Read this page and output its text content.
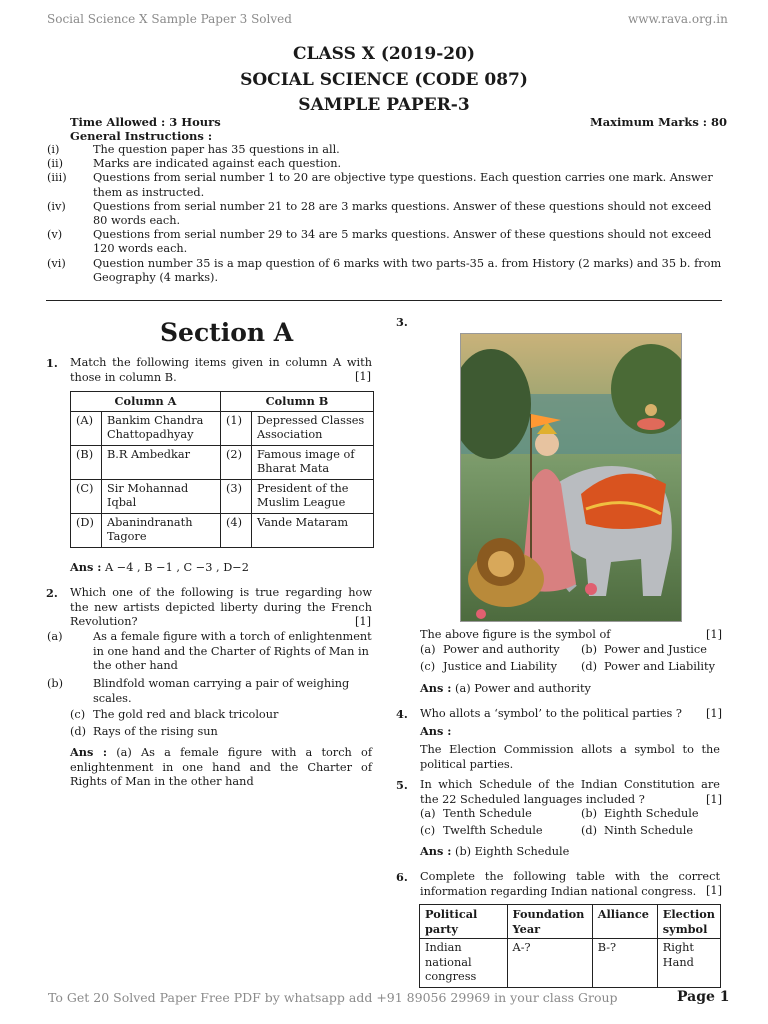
Social Science X Sample Paper 3 Solved	www.rava.org.in
CLASS X (2019-20)
SOCIAL SCIENCE (CODE 087)
SAMPLE PAPER-3
Time Allowed : 3 Hours	Maximum Marks : 80
General Instructions :
(i)	The question paper has 35 questions in all.
(ii)	Marks are indicated against each question.
(iii) Questions from serial number 1 to 20 are objective type questions. Each question carries one mark. Answer them as instructed.
(iv) Questions from serial number 21 to 28 are 3 marks questions. Answer of these questions should not exceed 80 words each.
(v)	Questions from serial number 29 to 34 are 5 marks questions. Answer of these questions should not exceed 120 words each.
(vi) Question number 35 is a map question of 6 marks with two parts-35 a. from History (2 marks) and 35 b. from Geography (4 marks).
Section A
1. Match the following items given in column A with those in column B.	[1]
Column A		Column B	
(A)	Bankim Chandra Chattopadhyay	(1)	Depressed Classes Association
(B)	B.R Ambedkar	(2)	Famous image of Bharat Mata
(C)	Sir Mohannad Iqbal	(3)	President of the Muslim League
(D)	Abanindranath Tagore	(4)	Vande Mataram
Ans : A −4 , B −1 , C −3 , D−2
2. Which one of the following is true regarding how the new artists depicted liberty during the French Revolution?	[1]
(a)	As a female figure with a torch of enlightenment in one hand and the Charter of Rights of Man in the other hand
(b)	Blindfold woman carrying a pair of weighing scales.
(c) The gold red and black tricolour
(d) Rays of the rising sun
Ans : (a) As a female figure with a torch of enlightenment in one hand and the Charter of Rights of Man in the other hand
3.
The above figure is the symbol of	[1]
(a) Power and authority (b) Power and Justice
(c) Justice and Liability (d) Power and Liability
Ans : (a) Power and authority
4. Who allots a ‘symbol’ to the political parties ? [1]
Ans :
The Election Commission allots a symbol to the political parties.
5. In which Schedule of the Indian Constitution are the 22 Scheduled languages included ?	[1]
(a) Tenth Schedule	(b) Eighth Schedule
(c) Twelfth Schedule	(d) Ninth Schedule
Ans : (b) Eighth Schedule
6. Complete the following table with the correct information regarding Indian national congress. [1]
Political party	Foundation Year	Alliance	Election symbol
Indian national congress	A-?	B-?	Right Hand
To Get 20 Solved Paper Free PDF by whatsapp add +91 89056 29969 in your class Group	Page 1
